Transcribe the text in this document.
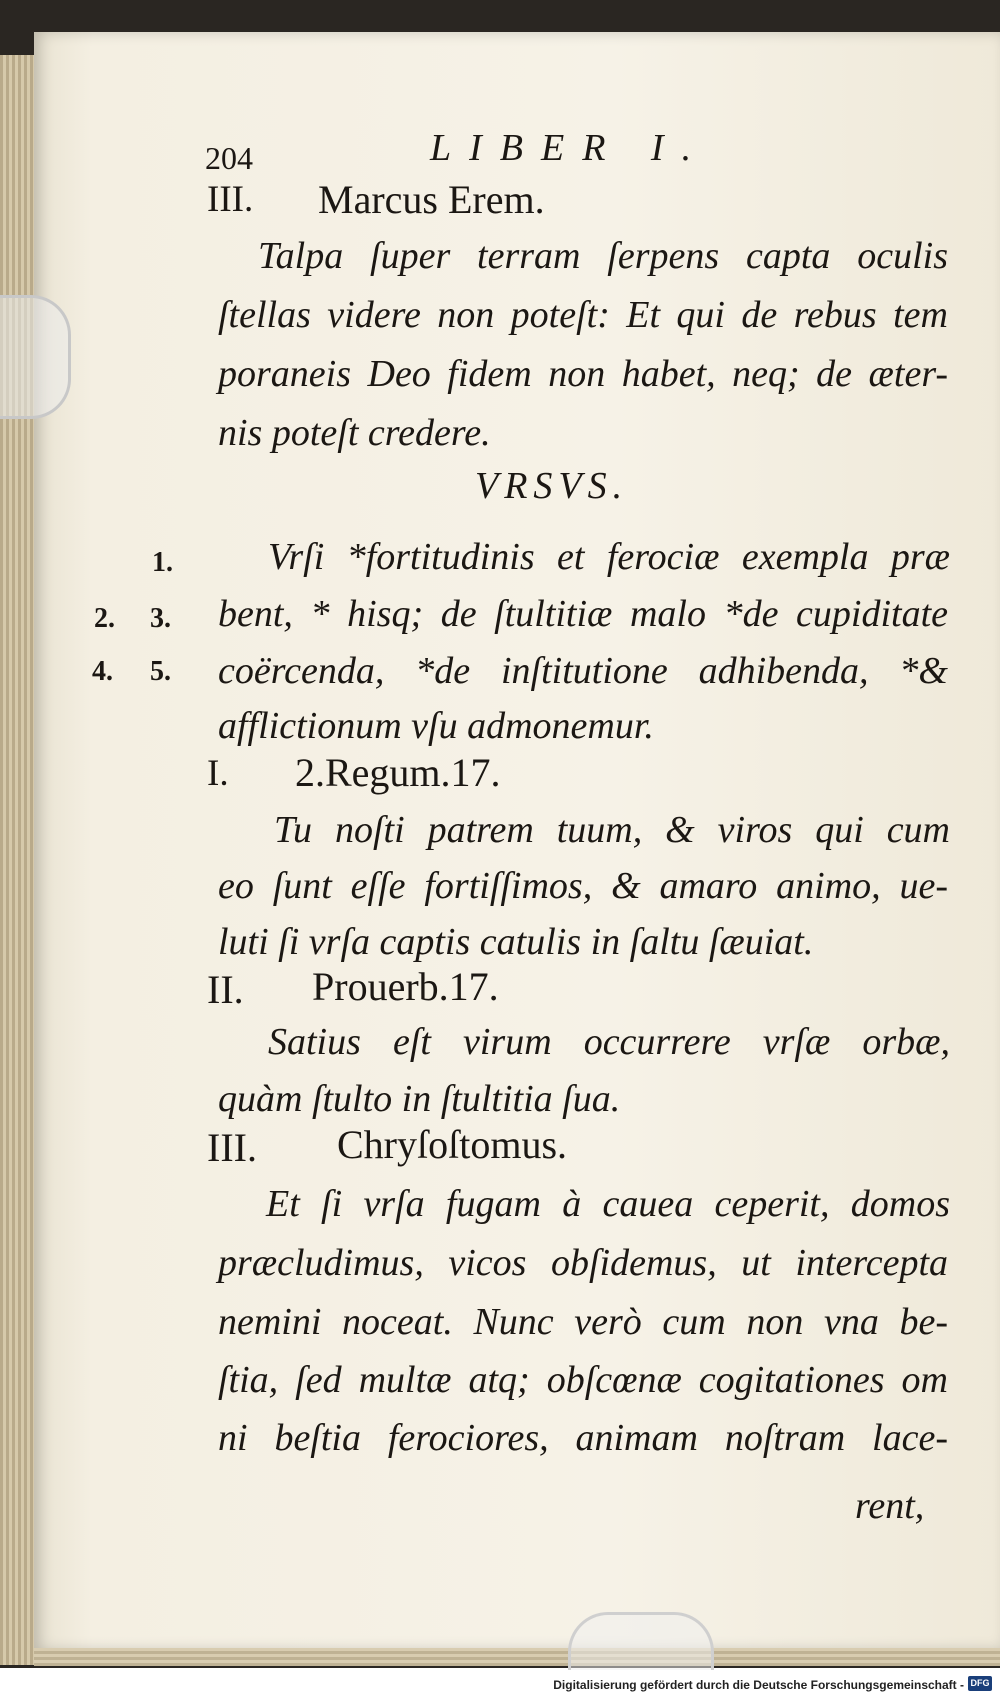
204	LIBER I.
III. Marcus Erem.
Talpa ſuper terram ſerpens capta oculis
ſtellas videre non poteſt: Et qui de rebus tem
poraneis Deo fidem non habet, neq; de æter-
nis poteſt credere.
VRSVS.
1.
2. 3.
4. 5.
Vrſi *fortitudinis et ferociæ exempla præ
bent, * hisq; de ſtultitiæ malo *de cupiditate
coërcenda, *de inſtitutione adhibenda, *&
afflictionum vſu admonemur.
I. 2.Regum.17.
Tu noſti patrem tuum, & viros qui cum
eo ſunt eſſe fortiſſimos, & amaro animo, ue-
luti ſi vrſa captis catulis in ſaltu ſæuiat.
II. Prouerb.17.
Satius eſt virum occurrere vrſæ orbæ,
quàm ſtulto in ſtultitia ſua.
III. Chryſoſtomus.
Et ſi vrſa fugam à cauea ceperit, domos
præcludimus, vicos obſidemus, ut intercepta
nemini noceat. Nunc verò cum non vna be-
ſtia, ſed multæ atq; obſcœnæ cogitationes om
ni beſtia ferociores, animam noſtram lace-
rent,
Digitalisierung gefördert durch die Deutsche Forschungsgemeinschaft - DFG
